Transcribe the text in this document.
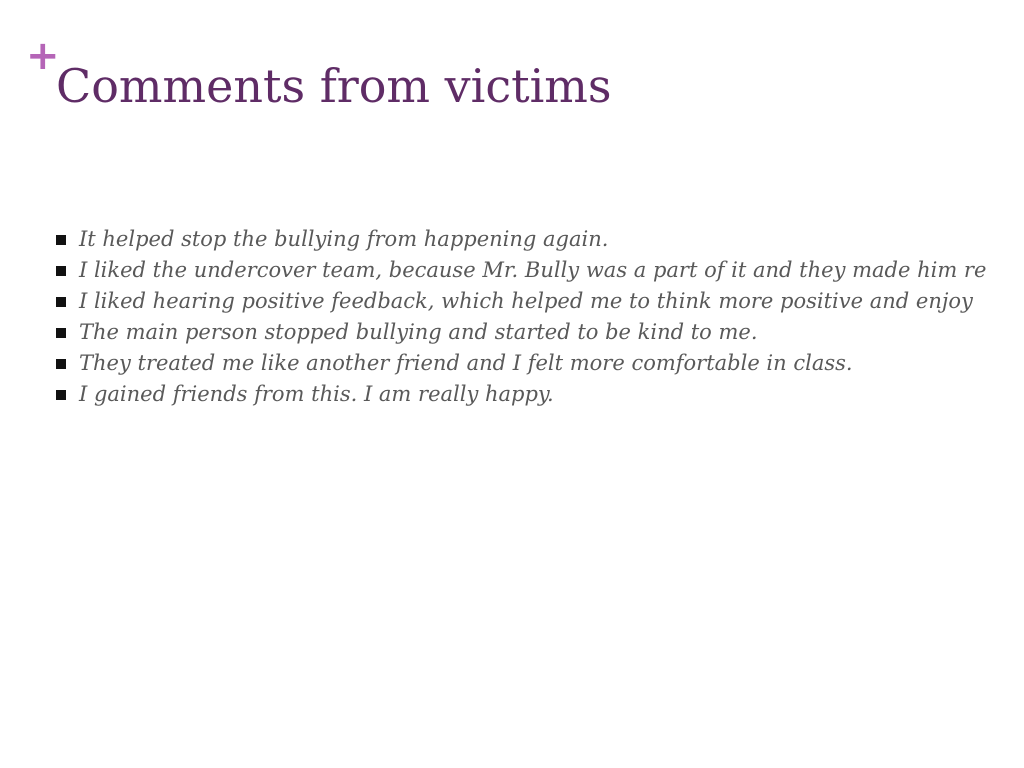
+
Comments from victims
It helped stop the bullying from happening again.
I liked the undercover team, because Mr. Bully was a part of it and they made him re
I liked hearing positive feedback, which helped me to think more positive and enjoy
The main person stopped bullying and started to be kind to me.
They treated me like another friend and I felt more comfortable in class.
I gained friends from this. I am really happy.
